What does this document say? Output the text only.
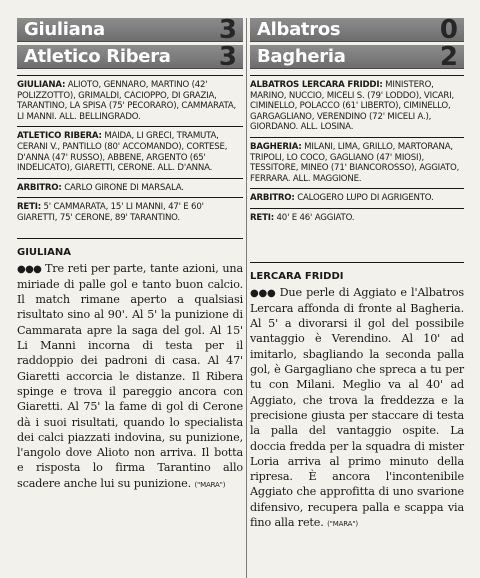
Giuliana	3
Atletico Ribera 3
GIULIANA: ALIOTO, GENNARO, MARTINO (42' POLIZZOTTO), GRIMALDI, CACIOPPO, DI GRAZIA, TARANTINO, LA SPISA (75' PECORARO), CAMMARATA, LI MANNI. ALL. BELLINGRADO.
ATLETICO RIBERA: MAIDA, LI GRECI, TRAMUTA, CERANI V., PANTILLO (80' ACCOMANDO), CORTESE, D'ANNA (47' RUSSO), ABBENE, ARGENTO (65' INDELICATO), GIARETTI, CERONE. ALL. D'ANNA.
ARBITRO: CARLO GIRONE DI MARSALA.
RETI: 5' CAMMARATA, 15' LI MANNI, 47' E 60' GIARETTI, 75' CERONE, 89' TARANTINO.
GIULIANA
●●● Tre reti per parte, tante azioni, una miriade di palle gol e tanto buon calcio. Il match rimane aperto a qualsiasi risultato sino al 90'. Al 5' la punizione di Cammarata apre la saga del gol. Al 15' Li Manni incorna di testa per il raddoppio dei padroni di casa. Al 47' Giaretti accorcia le distanze. Il Ribera spinge e trova il pareggio ancora con Giaretti. Al 75' la fame di gol di Cerone dà i suoi risultati, quando lo specialista dei calci piazzati indovina, su punizione, l'angolo dove Alioto non arriva. Il botta e risposta lo firma Tarantino allo scadere anche lui su punizione. ("MARA")
Albatros	0
Bagheria	2
ALBATROS LERCARA FRIDDI: MINISTERO, MARINO, NUCCIO, MICELI S. (79' LODDO), VICARI, CIMINELLO, POLACCO (61' LIBERTO), CIMINELLO, GARGAGLIANO, VERENDINO (72' MICELI A.), GIORDANO. ALL. LOSINA.
BAGHERIA: MILANI, LIMA, GRILLO, MARTORANA, TRIPOLI, LO COCO, GAGLIANO (47' MIOSI), TESSITORE, MINEO (71' BIANCOROSSO), AGGIATO, FERRARA. ALL. MAGGIONE.
ARBITRO: CALOGERO LUPO DI AGRIGENTO.
RETI: 40' E 46' AGGIATO.
LERCARA FRIDDI
●●● Due perle di Aggiato e l'Albatros Lercara affonda di fronte al Bagheria. Al 5' a divorarsi il gol del possibile vantaggio è Verendino. Al 10' ad imitarlo, sbagliando la seconda palla gol, è Gargagliano che spreca a tu per tu con Milani. Meglio va al 40' ad Aggiato, che trova la freddezza e la precisione giusta per staccare di testa la palla del vantaggio ospite. La doccia fredda per la squadra di mister Loria arriva al primo minuto della ripresa. È ancora l'incontenibile Aggiato che approfitta di uno svarione difensivo, recupera palla e scappa via fino alla rete. ("MARA")
